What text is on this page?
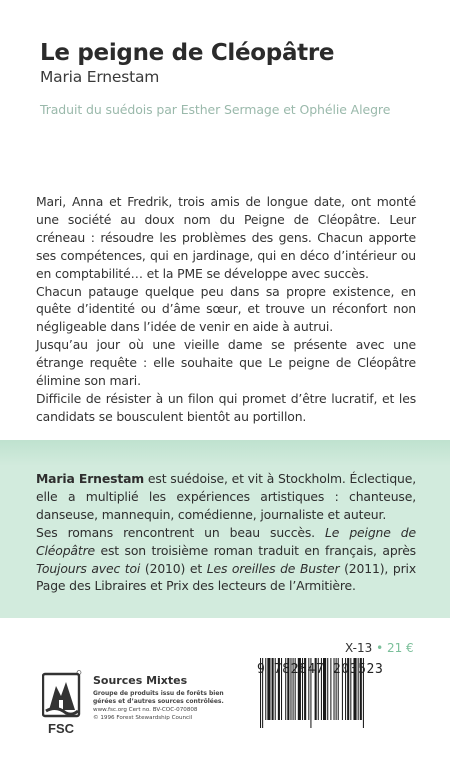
Le peigne de Cléopâtre
Maria Ernestam
Traduit du suédois par Esther Sermage et Ophélie Alegre

Mari, Anna et Fredrik, trois amis de longue date, ont monté une société au doux nom du Peigne de Cléopâtre. Leur créneau : résoudre les problèmes des gens. Chacun apporte ses compétences, qui en jardinage, qui en déco d’intérieur ou en comptabilité… et la PME se développe avec succès.

Chacun patauge quelque peu dans sa propre existence, en quête d’identité ou d’âme sœur, et trouve un réconfort non négligeable dans l’idée de venir en aide à autrui.

Jusqu’au jour où une vieille dame se présente avec une étrange requête : elle souhaite que Le peigne de Cléopâtre élimine son mari.

Difficile de résister à un filon qui promet d’être lucratif, et les candidats se bousculent bientôt au portillon.

Maria Ernestam est suédoise, et vit à Stockholm. Éclectique, elle a multiplié les expériences artistiques : chanteuse, danseuse, mannequin, comédienne, journaliste et auteur.

Ses romans rencontrent un beau succès. Le peigne de Cléopâtre est son troisième roman traduit en français, après Toujours avec toi (2010) et Les oreilles de Buster (2011), prix Page des Libraires et Prix des lecteurs de l’Armitière.

X-13 • 21 €
FSC
Sources Mixtes
Groupe de produits issu de forêts bien gérées et d’autres sources contrôlées.
www.fsc.org Cert no. BV-COC-070808
© 1996 Forest Stewardship Council
9 782847 203523
